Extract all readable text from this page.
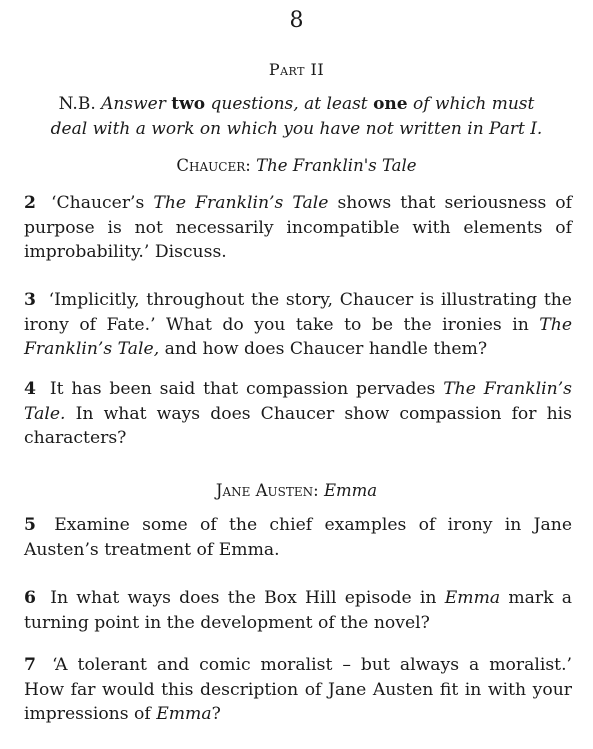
8
Part II
N.B. Answer two questions, at least one of which must
deal with a work on which you have not written in Part I.
Chaucer: The Franklin's Tale
2 ‘Chaucer’s The Franklin’s Tale shows that seriousness of purpose is not necessarily incompatible with elements of improbability.’ Discuss.
3 ‘Implicitly, throughout the story, Chaucer is illustrating the irony of Fate.’ What do you take to be the ironies in The Franklin’s Tale, and how does Chaucer handle them?
4 It has been said that compassion pervades The Franklin’s Tale. In what ways does Chaucer show compassion for his characters?
Jane Austen: Emma
5 Examine some of the chief examples of irony in Jane Austen’s treatment of Emma.
6 In what ways does the Box Hill episode in Emma mark a turning point in the development of the novel?
7 ‘A tolerant and comic moralist – but always a moralist.’ How far would this description of Jane Austen fit in with your impressions of Emma?
